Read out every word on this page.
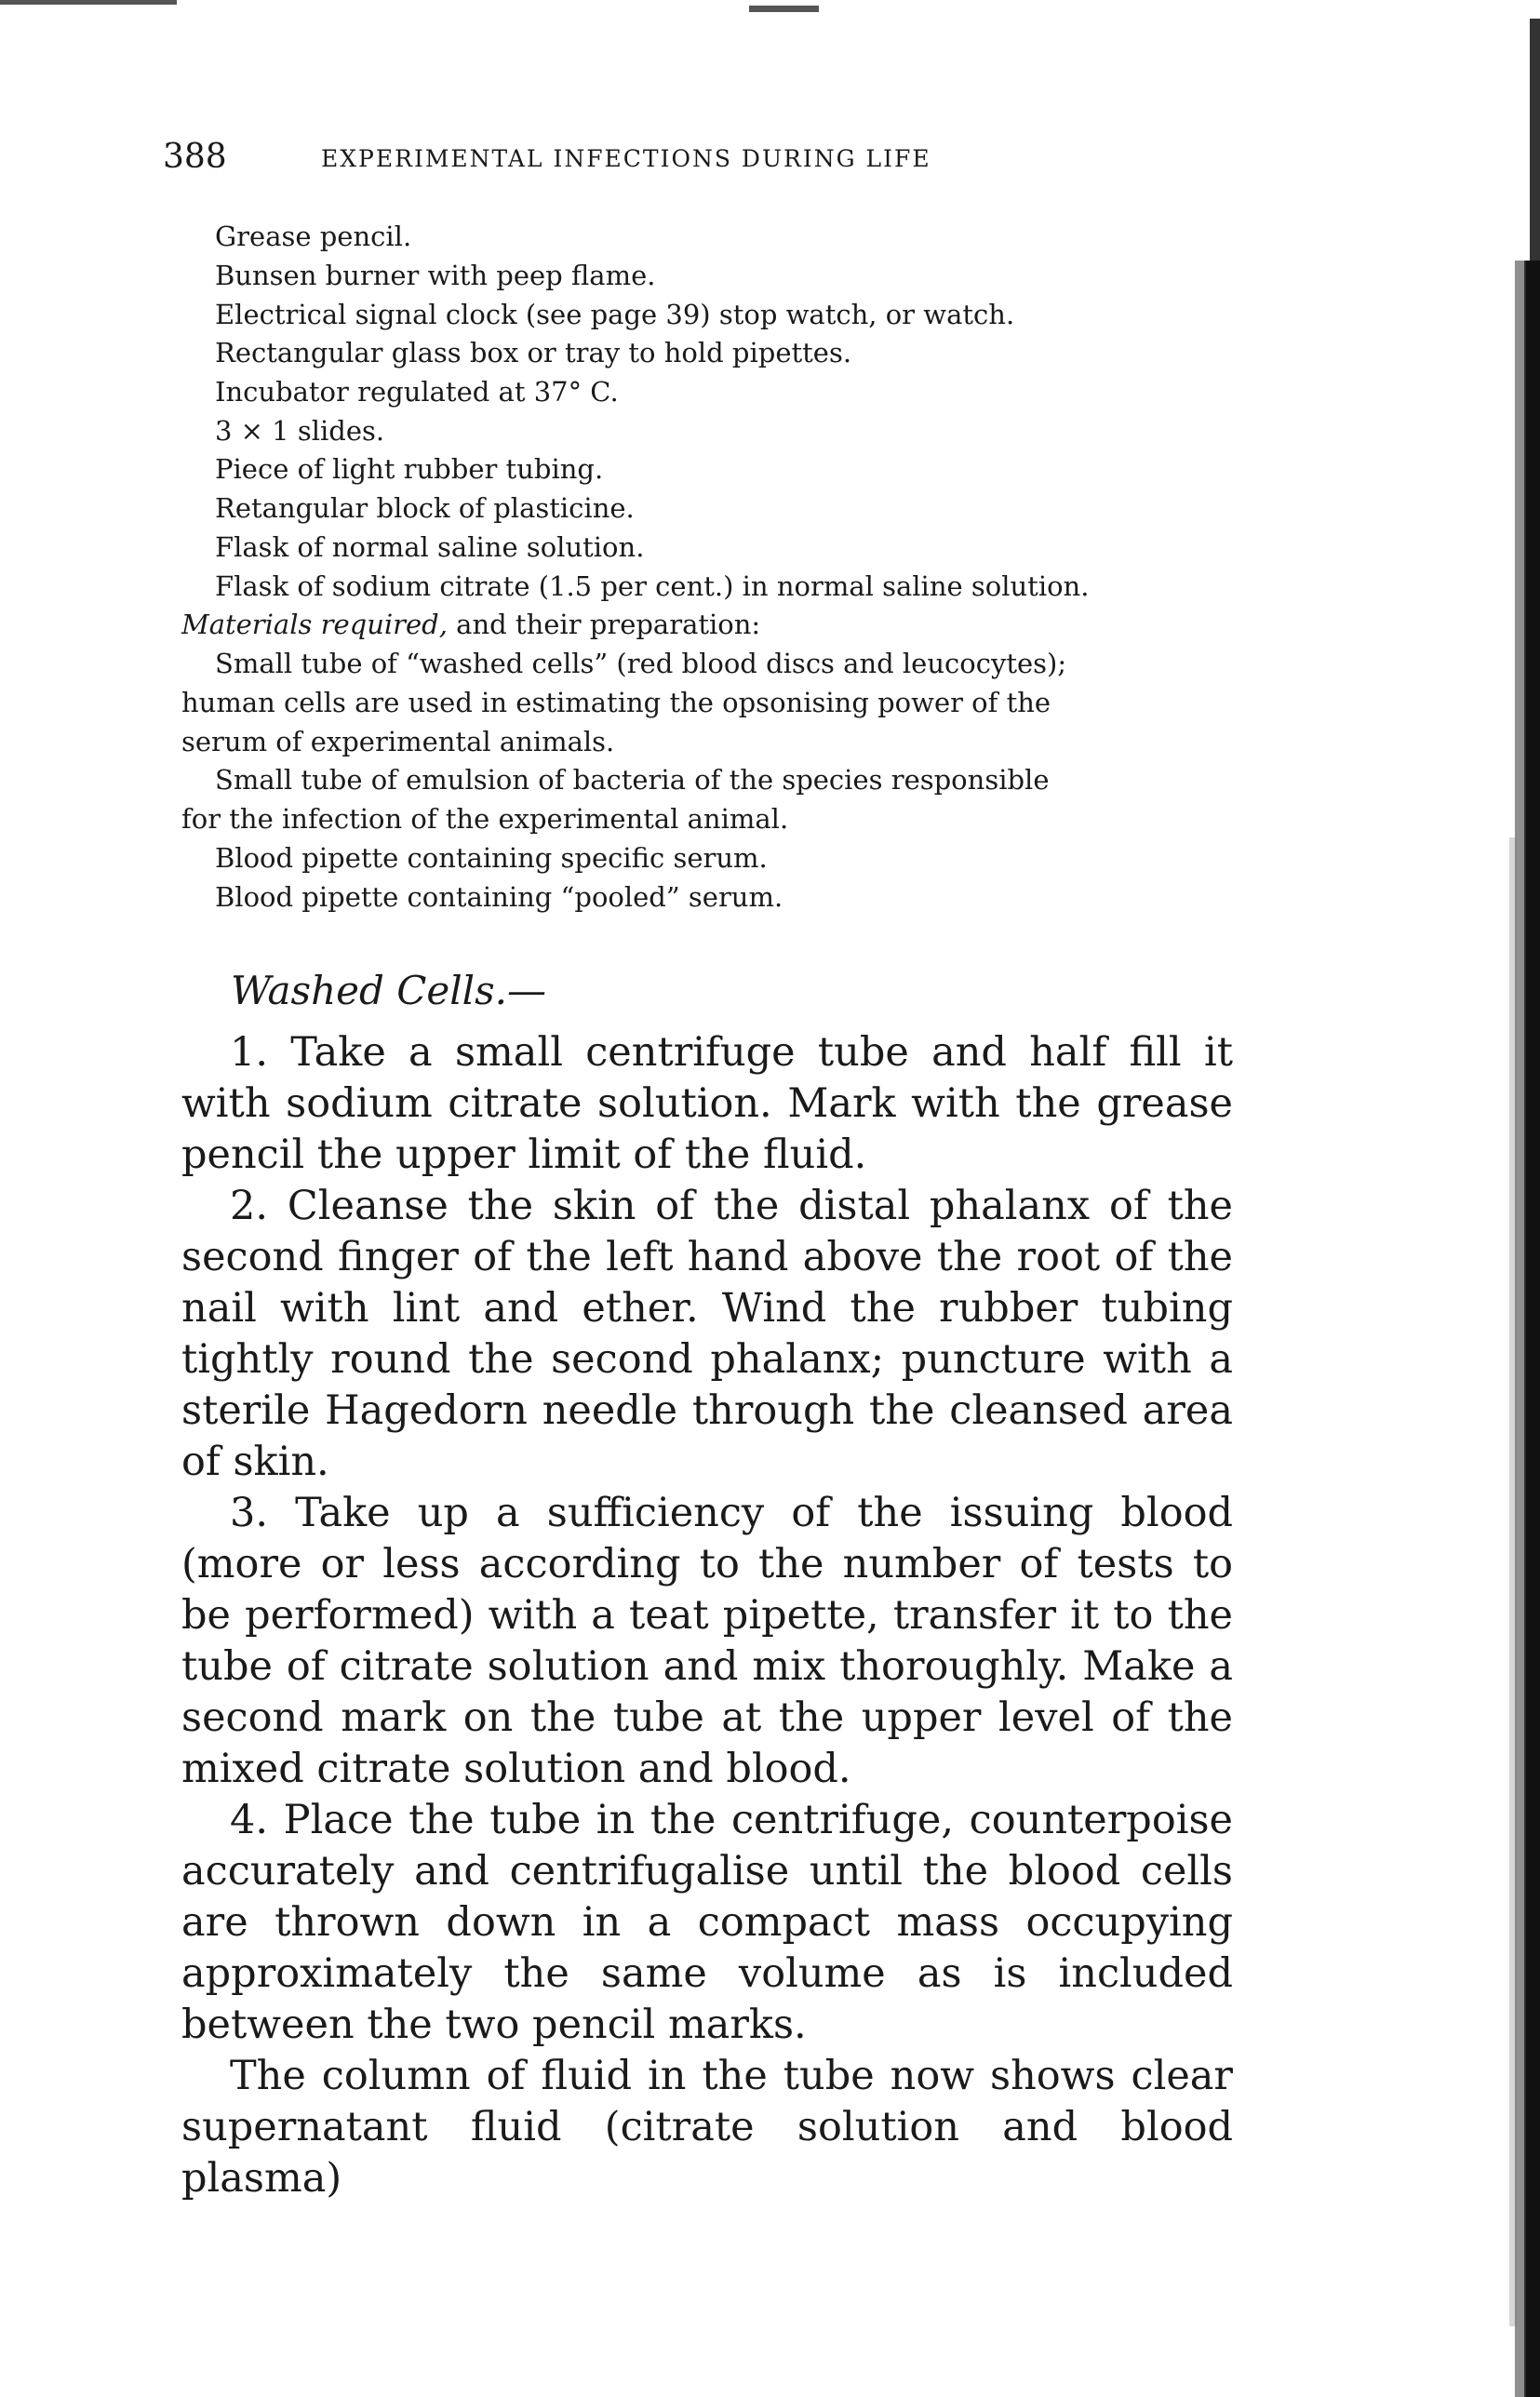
388	EXPERIMENTAL INFECTIONS DURING LIFE
Grease pencil.
Bunsen burner with peep flame.
Electrical signal clock (see page 39) stop watch, or watch.
Rectangular glass box or tray to hold pipettes.
Incubator regulated at 37° C.
3 × 1 slides.
Piece of light rubber tubing.
Retangular block of plasticine.
Flask of normal saline solution.
Flask of sodium citrate (1.5 per cent.) in normal saline solution.
Materials required, and their preparation:
Small tube of “washed cells” (red blood discs and leucocytes);
human cells are used in estimating the opsonising power of the
serum of experimental animals.
Small tube of emulsion of bacteria of the species responsible
for the infection of the experimental animal.
Blood pipette containing specific serum.
Blood pipette containing “pooled” serum.
Washed Cells.—

1. Take a small centrifuge tube and half fill it with sodium citrate solution. Mark with the grease pencil the upper limit of the fluid.

2. Cleanse the skin of the distal phalanx of the second finger of the left hand above the root of the nail with lint and ether. Wind the rubber tubing tightly round the second phalanx; puncture with a sterile Hagedorn needle through the cleansed area of skin.

3. Take up a sufficiency of the issuing blood (more or less according to the number of tests to be performed) with a teat pipette, transfer it to the tube of citrate solution and mix thoroughly. Make a second mark on the tube at the upper level of the mixed citrate solution and blood.

4. Place the tube in the centrifuge, counterpoise accurately and centrifugalise until the blood cells are thrown down in a compact mass occupying approximately the same volume as is included between the two pencil marks.

The column of fluid in the tube now shows clear supernatant fluid (citrate solution and blood plasma)
